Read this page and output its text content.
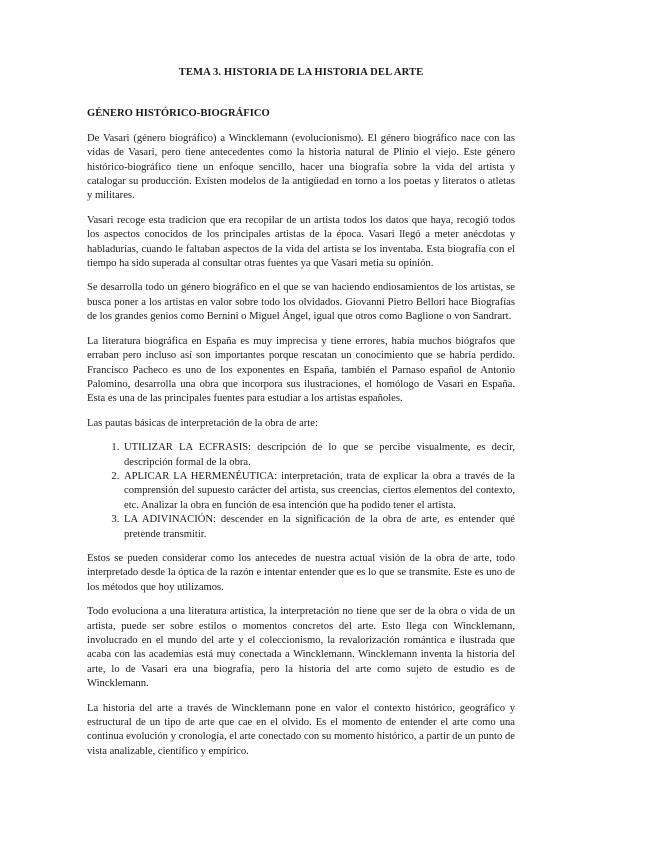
TEMA 3. HISTORIA DE LA HISTORIA DEL ARTE
GÉNERO HISTÓRICO-BIOGRÁFICO

De Vasari (género biográfico) a Wincklemann (evolucionismo). El género biográfico nace con las vidas de Vasari, pero tiene antecedentes como la historia natural de Plinio el viejo. Este género histórico-biográfico tiene un enfoque sencillo, hacer una biografía sobre la vida del artista y catalogar su producción. Existen modelos de la antigüedad en torno a los poetas y literatos o atletas y militares.

Vasari recoge esta tradicion que era recopilar de un artista todos los datos que haya, recogió todos los aspectos conocidos de los principales artistas de la época. Vasari llegó a meter anécdotas y habladurías, cuando le faltaban aspectos de la vida del artista se los inventaba. Esta biografía con el tiempo ha sido superada al consultar otras fuentes ya que Vasari metía su opinión.

Se desarrolla todo un género biográfico en el que se van haciendo endiosamientos de los artistas, se busca poner a los artistas en valor sobre todo los olvidados. Giovanni Pietro Bellori hace Biografías de los grandes genios como Bernini o Miguel Ángel, igual que otros como Baglione o von Sandrart.

La literatura biográfica en España es muy imprecisa y tiene errores, había muchos biógrafos que erraban pero incluso así son importantes porque rescatan un conocimiento que se habría perdido. Francisco Pacheco es uno de los exponentes en España, también el Parnaso español de Antonio Palomino, desarrolla una obra que incorpora sus ilustraciones, el homólogo de Vasari en España. Esta es una de las principales fuentes para estudiar a los artistas españoles.

Las pautas básicas de interpretación de la obra de arte:

1. UTILIZAR LA ECFRASIS: descripción de lo que se percibe visualmente, es decir, descripción formal de la obra.
2. APLICAR LA HERMENÉUTICA: interpretación, trata de explicar la obra a través de la comprensión del supuesto carácter del artista, sus creencias, ciertos elementos del contexto, etc. Analizar la obra en función de esa intención que ha podido tener el artista.
3. LA ADIVINACIÓN: descender en la significación de la obra de arte, es entender qué pretende transmitir.

Estos se pueden considerar como los antecedes de nuestra actual visión de la obra de arte, todo interpretado desde la óptica de la razón e intentar entender que es lo que se transmite. Este es uno de los métodos que hoy utilizamos.

Todo evoluciona a una literatura artística, la interpretación no tiene que ser de la obra o vida de un artista, puede ser sobre estilos o momentos concretos del arte. Esto llega con Wincklemann, involucrado en el mundo del arte y el coleccionismo, la revalorización romántica e ilustrada que acaba con las academias está muy conectada a Wincklemann. Wincklemann inventa la historia del arte, lo de Vasari era una biografía, pero la historia del arte como sujeto de estudio es de Wincklemann.

La historia del arte a través de Wincklemann pone en valor el contexto histórico, geográfico y estructural de un tipo de arte que cae en el olvido. Es el momento de entender el arte como una continua evolución y cronología, el arte conectado con su momento histórico, a partir de un punto de vista analizable, científico y empírico.
